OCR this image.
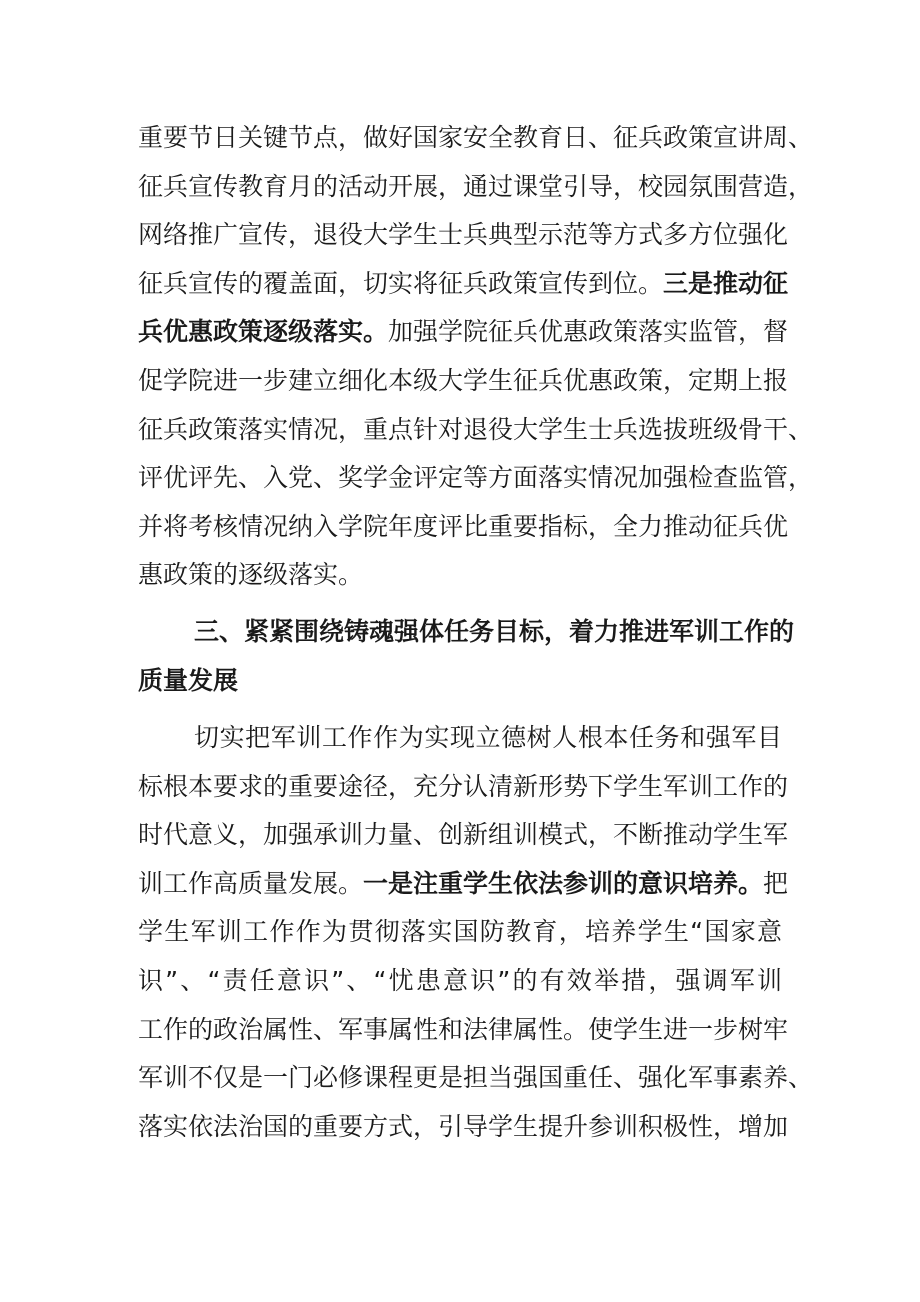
重要节日关键节点，做好国家安全教育日、征兵政策宣讲周、
征兵宣传教育月的活动开展，通过课堂引导，校园氛围营造，
网络推广宣传，退役大学生士兵典型示范等方式多方位强化
征兵宣传的覆盖面，切实将征兵政策宣传到位。三是推动征
兵优惠政策逐级落实。加强学院征兵优惠政策落实监管，督
促学院进一步建立细化本级大学生征兵优惠政策，定期上报
征兵政策落实情况，重点针对退役大学生士兵选拔班级骨干、
评优评先、入党、奖学金评定等方面落实情况加强检查监管，
并将考核情况纳入学院年度评比重要指标，全力推动征兵优
惠政策的逐级落实。
三、紧紧围绕铸魂强体任务目标，着力推进军训工作的
质量发展
切实把军训工作作为实现立德树人根本任务和强军目
标根本要求的重要途径，充分认清新形势下学生军训工作的
时代意义，加强承训力量、创新组训模式，不断推动学生军
训工作高质量发展。一是注重学生依法参训的意识培养。把
学生军训工作作为贯彻落实国防教育，培养学生“国家意
识”、“责任意识”、“忧患意识”的有效举措，强调军训
工作的政治属性、军事属性和法律属性。使学生进一步树牢
军训不仅是一门必修课程更是担当强国重任、强化军事素养、
落实依法治国的重要方式，引导学生提升参训积极性，增加
